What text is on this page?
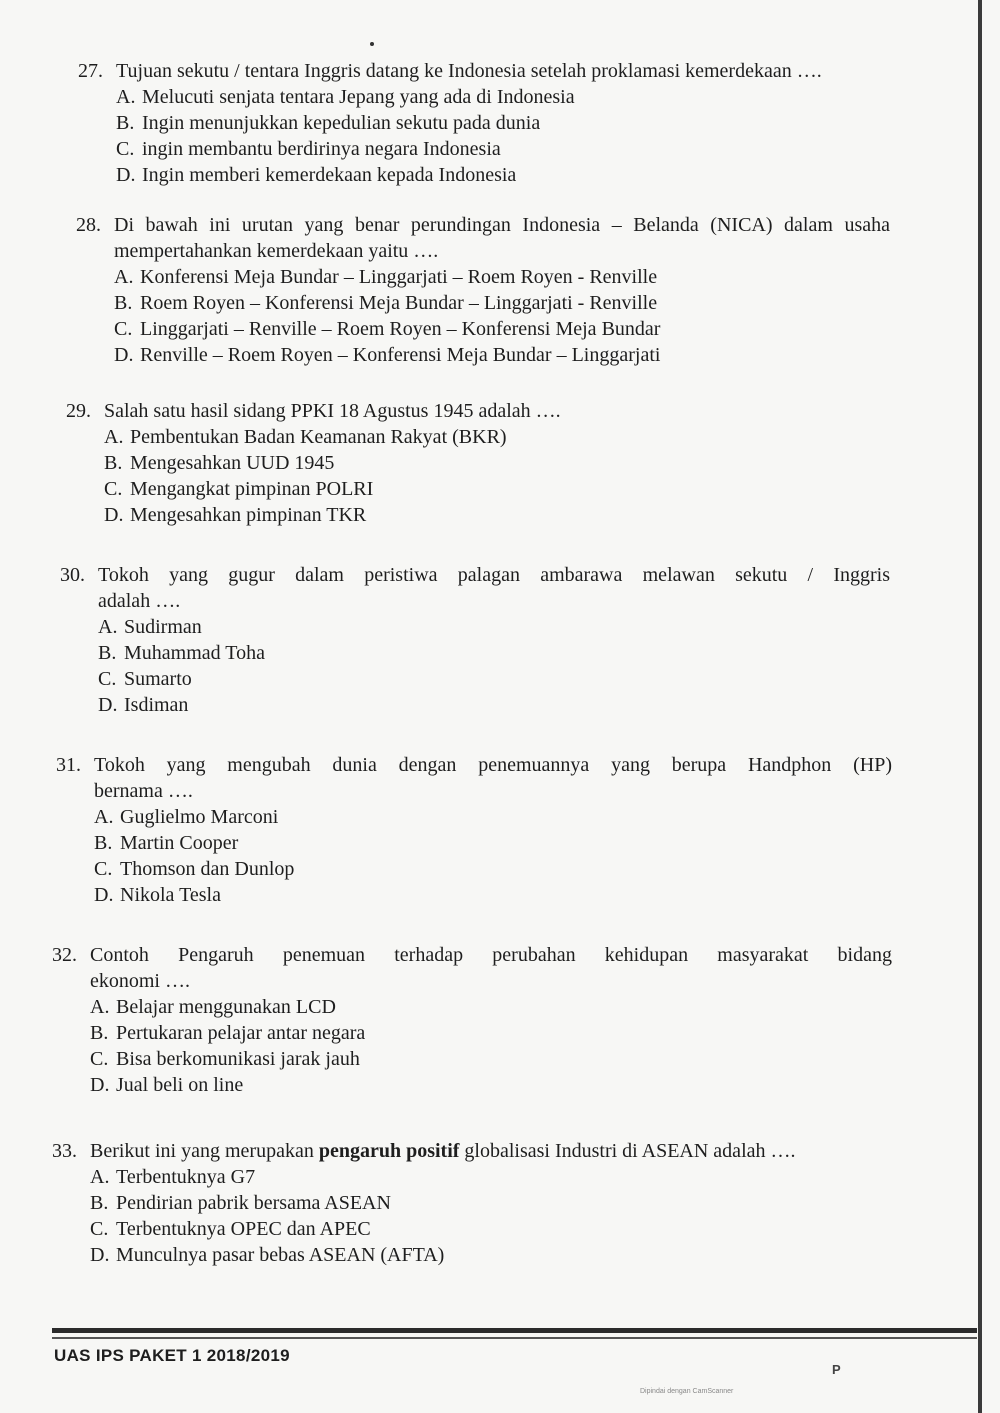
27. Tujuan sekutu / tentara Inggris datang ke Indonesia setelah proklamasi kemerdekaan ….
A. Melucuti senjata tentara Jepang yang ada di Indonesia
B. Ingin menunjukkan kepedulian sekutu pada dunia
C. ingin membantu berdirinya negara Indonesia
D. Ingin memberi kemerdekaan kepada Indonesia
28. Di bawah ini urutan yang benar perundingan Indonesia – Belanda (NICA) dalam usaha
mempertahankan kemerdekaan yaitu ….
A. Konferensi Meja Bundar – Linggarjati – Roem Royen - Renville
B. Roem Royen – Konferensi Meja Bundar – Linggarjati - Renville
C. Linggarjati – Renville – Roem Royen – Konferensi Meja Bundar
D. Renville – Roem Royen – Konferensi Meja Bundar – Linggarjati
29. Salah satu hasil sidang PPKI 18 Agustus 1945 adalah ….
A. Pembentukan Badan Keamanan Rakyat (BKR)
B. Mengesahkan UUD 1945
C. Mengangkat pimpinan POLRI
D. Mengesahkan pimpinan TKR
30. Tokoh yang gugur dalam peristiwa palagan ambarawa melawan sekutu / Inggris
adalah ….
A. Sudirman
B. Muhammad Toha
C. Sumarto
D. Isdiman
31. Tokoh yang mengubah dunia dengan penemuannya yang berupa Handphon (HP)
bernama ….
A. Guglielmo Marconi
B. Martin Cooper
C. Thomson dan Dunlop
D. Nikola Tesla
32. Contoh Pengaruh penemuan terhadap perubahan kehidupan masyarakat bidang
ekonomi ….
A. Belajar menggunakan LCD
B. Pertukaran pelajar antar negara
C. Bisa berkomunikasi jarak jauh
D. Jual beli on line
33. Berikut ini yang merupakan pengaruh positif globalisasi Industri di ASEAN adalah ….
A. Terbentuknya G7
B. Pendirian pabrik bersama ASEAN
C. Terbentuknya OPEC dan APEC
D. Munculnya pasar bebas ASEAN (AFTA)
UAS IPS PAKET 1 2018/2019
P
Dipindai dengan CamScanner
